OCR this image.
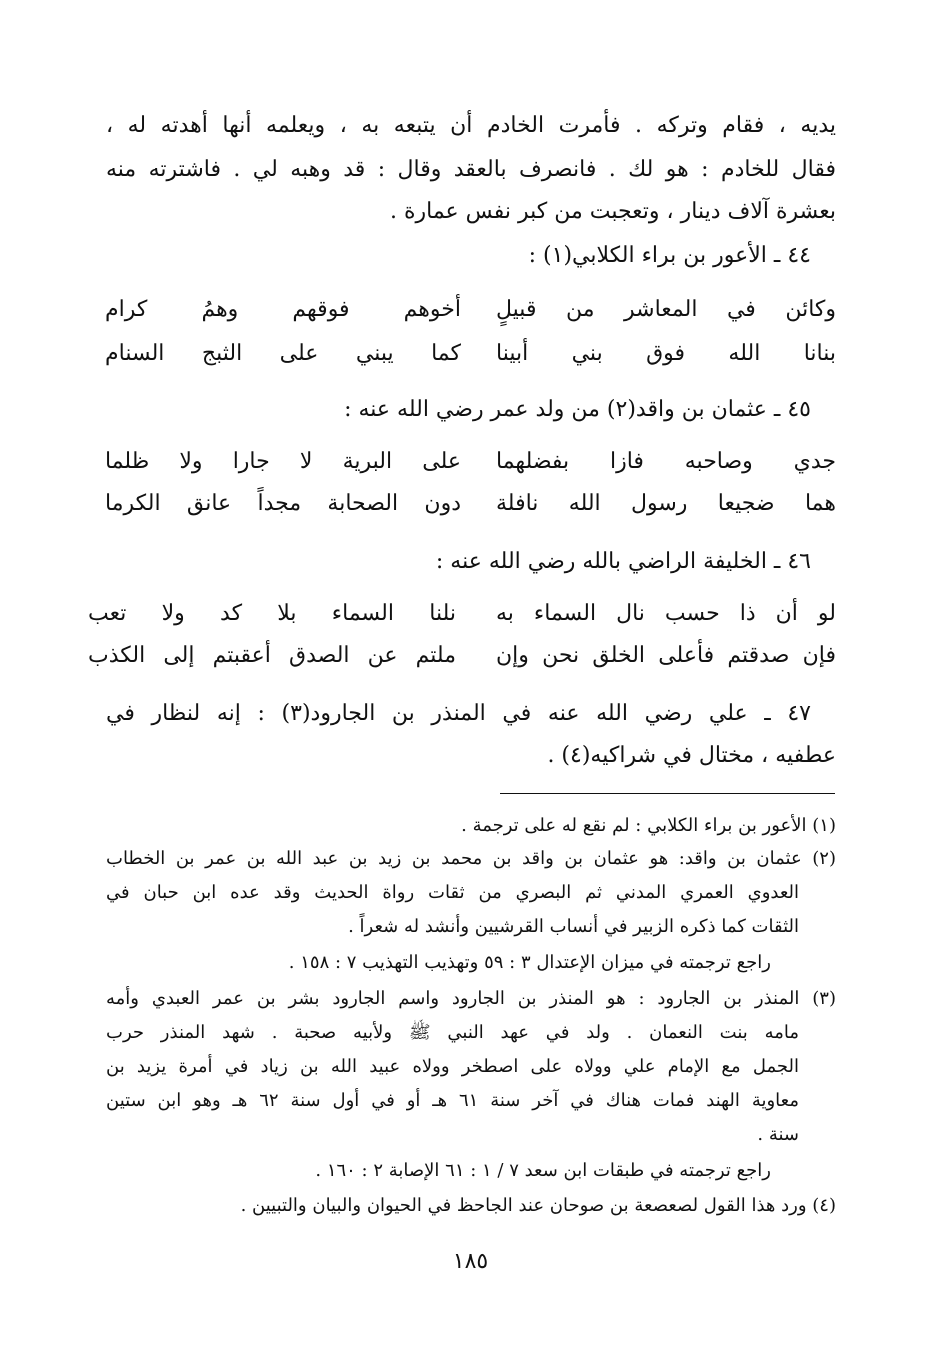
يديه ، فقام وتركه . فأمرت الخادم أن يتبعه به ، ويعلمه أنها أهدته له ،
فقال للخادم : هو لك . فانصرف بالعقد وقال : قد وهبه لي . فاشترته منه
بعشرة آلاف دينار ، وتعجبت من كبر نفس عمارة .
٤٤ ـ الأعور بن براء الكلابي(١) :
وكائن في المعاشر من قبيلٍ
أخوهم فوقهم وهمُ كرام
بنانا الله فوق بني أبينا
كما يبني على الثبج السنام
٤٥ ـ عثمان بن واقد(٢) من ولد عمر رضي الله عنه :
جدي وصاحبه فازا بفضلهما
على البرية لا جارا ولا ظلما
هما ضجيعا رسول الله نافلة
دون الصحابة مجداً عانق الكرما
٤٦ ـ الخليفة الراضي بالله رضي الله عنه :
لو أن ذا حسب نال السماء به
نلنا السماء بلا كد ولا تعب
فإن صدقتم فأعلى الخلق نحن وإن
ملتم عن الصدق أعقبتم إلى الكذب
٤٧ ـ علي رضي الله عنه في المنذر بن الجارود(٣) : إنه لنظار في
عطفيه ، مختال في شراكيه(٤) .
(١) الأعور بن براء الكلابي : لم نقع له على ترجمة .
(٢) عثمان بن واقد: هو عثمان بن واقد بن محمد بن زيد بن عبد الله بن عمر بن الخطاب
العدوي العمري المدني ثم البصري من ثقات رواة الحديث وقد عده ابن حبان في
الثقات كما ذكره الزبير في أنساب القرشيين وأنشد له شعراً .
راجع ترجمته في ميزان الإعتدال ٣ : ٥٩ وتهذيب التهذيب ٧ : ١٥٨ .
(٣) المنذر بن الجارود : هو المنذر بن الجارود واسم الجارود بشر بن عمر العبدي وأمه
مامه بنت النعمان . ولد في عهد النبي ﷺ ولأبيه صحبة . شهد المنذر حرب
الجمل مع الإمام علي وولاه على اصطخر وولاه عبيد الله بن زياد في أمرة يزيد بن
معاوية الهند فمات هناك في آخر سنة ٦١ هـ أو في أول سنة ٦٢ هـ وهو ابن ستين
سنة .
راجع ترجمته في طبقات ابن سعد ٧ / ١ : ٦١ الإصابة ٢ : ١٦٠ .
(٤) ورد هذا القول لصعصعة بن صوحان عند الجاحظ في الحيوان والبيان والتبيين .
١٨٥
